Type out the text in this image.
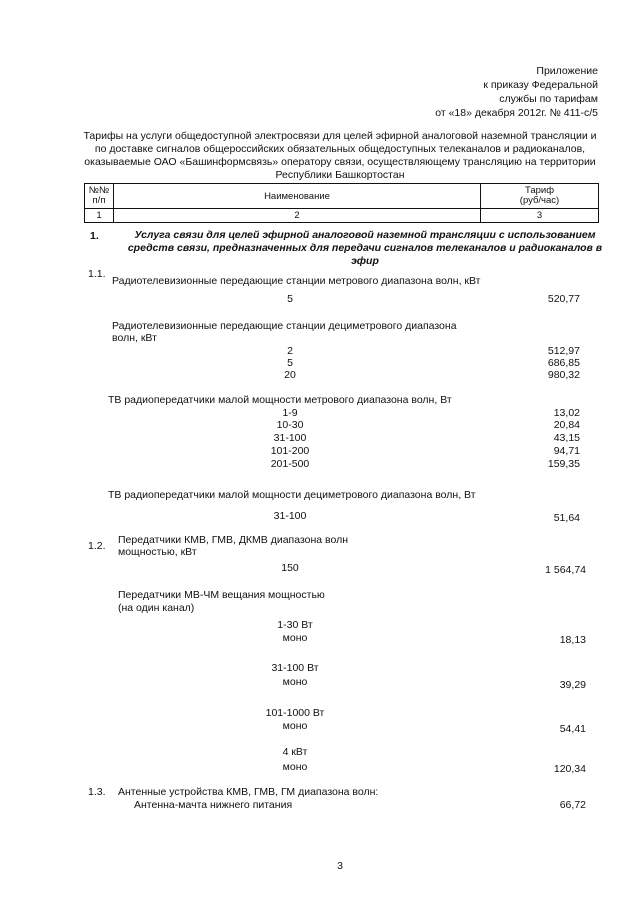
Приложение
к приказу Федеральной
службы по тарифам
от «18» декабря 2012г. № 411-с/5
Тарифы на услуги общедоступной электросвязи для целей эфирной аналоговой наземной трансляции и
по доставке сигналов общероссийских обязательных общедоступных телеканалов и радиоканалов,
оказываемые ОАО «Башинформсвязь» оператору связи, осуществляющему трансляцию на территории
Республики Башкортостан
№№
п/п	Наименование	Тариф
(руб/час)
1	2	3
1.	Услуга связи для целей эфирной аналоговой наземной трансляции с использованием
средств связи, предназначенных для передачи сигналов телеканалов и радиоканалов в
эфир
1.1.
Радиотелевизионные передающие станции метрового диапазона волн, кВт
5	520,77
Радиотелевизионные передающие станции дециметрового диапазона
волн, кВт
2	512,97
5	686,85
20	980,32
ТВ радиопередатчики малой мощности метрового диапазона волн, Вт
1-9	13,02
10-30	20,84
31-100	43,15
101-200	94,71
201-500	159,35
ТВ радиопередатчики малой мощности дециметрового диапазона волн, Вт
31-100	51,64
1.2. Передатчики КМВ, ГМВ, ДКМВ диапазона волн
мощностью, кВт
150	1 564,74
Передатчики МВ-ЧМ вещания мощностью
(на один канал)
1-30 Вт
моно	18,13
31-100 Вт
моно	39,29
101-1000 Вт
моно	54,41
4 кВт
моно	120,34
1.3. Антенные устройства КМВ, ГМВ, ГМ диапазона волн:
Антенна-мачта нижнего питания	66,72
3
